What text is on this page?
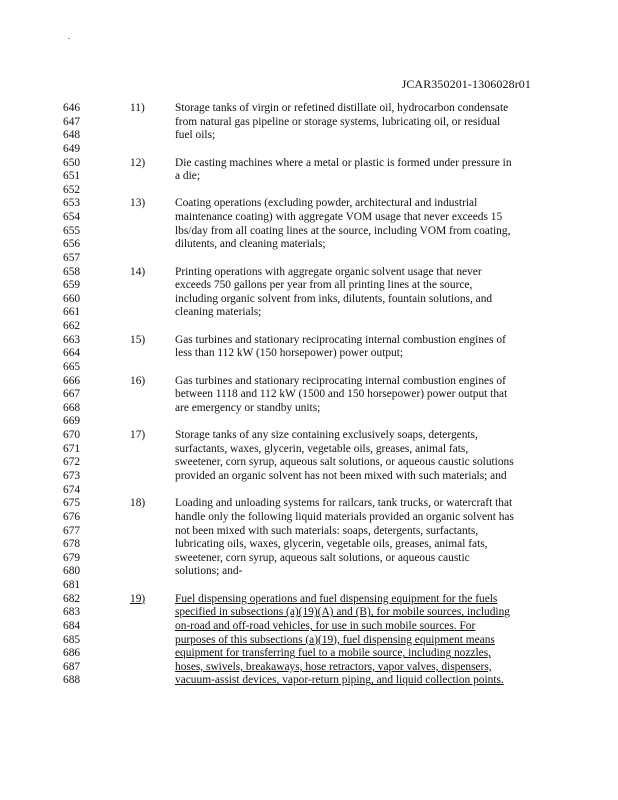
JCAR350201-1306028r01
646
647
648
649
650
651
652
653
654
655
656
657
658
659
660
661
662
663
664
665
666
667
668
669
670
671
672
673
674
675
676
677
678
679
680
681
682
683
684
685
686
687
688
11)	Storage tanks of virgin or refetined distillate oil, hydrocarbon condensate
from natural gas pipeline or storage systems, lubricating oil, or residual
fuel oils;
12)	Die casting machines where a metal or plastic is formed under pressure in
a die;
13)	Coating operations (excluding powder, architectural and industrial
maintenance coating) with aggregate VOM usage that never exceeds 15
lbs/day from all coating lines at the source, including VOM from coating,
dilutents, and cleaning materials;
14)	Printing operations with aggregate organic solvent usage that never
exceeds 750 gallons per year from all printing lines at the source,
including organic solvent from inks, dilutents, fountain solutions, and
cleaning materials;
15)	Gas turbines and stationary reciprocating internal combustion engines of
less than 112 kW (150 horsepower) power output;
16)	Gas turbines and stationary reciprocating internal combustion engines of
between 1118 and 112 kW (1500 and 150 horsepower) power output that
are emergency or standby units;
17)	Storage tanks of any size containing exclusively soaps, detergents,
surfactants, waxes, glycerin, vegetable oils, greases, animal fats,
sweetener, corn syrup, aqueous salt solutions, or aqueous caustic solutions
provided an organic solvent has not been mixed with such materials; and
18)	Loading and unloading systems for railcars, tank trucks, or watercraft that
handle only the following liquid materials provided an organic solvent has
not been mixed with such materials: soaps, detergents, surfactants,
lubricating oils, waxes, glycerin, vegetable oils, greases, animal fats,
sweetener, corn syrup, aqueous salt solutions, or aqueous caustic
solutions; and-
19)	Fuel dispensing operations and fuel dispensing equipment for the fuels
specified in subsections (a)(19)(A) and (B), for mobile sources, including
on-road and off-road vehicles, for use in such mobile sources. For
purposes of this subsections (a)(19), fuel dispensing equipment means
equipment for transferring fuel to a mobile source, including nozzles,
hoses, swivels, breakaways, hose retractors, vapor valves, dispensers,
vacuum-assist devices, vapor-return piping, and liquid collection points.
